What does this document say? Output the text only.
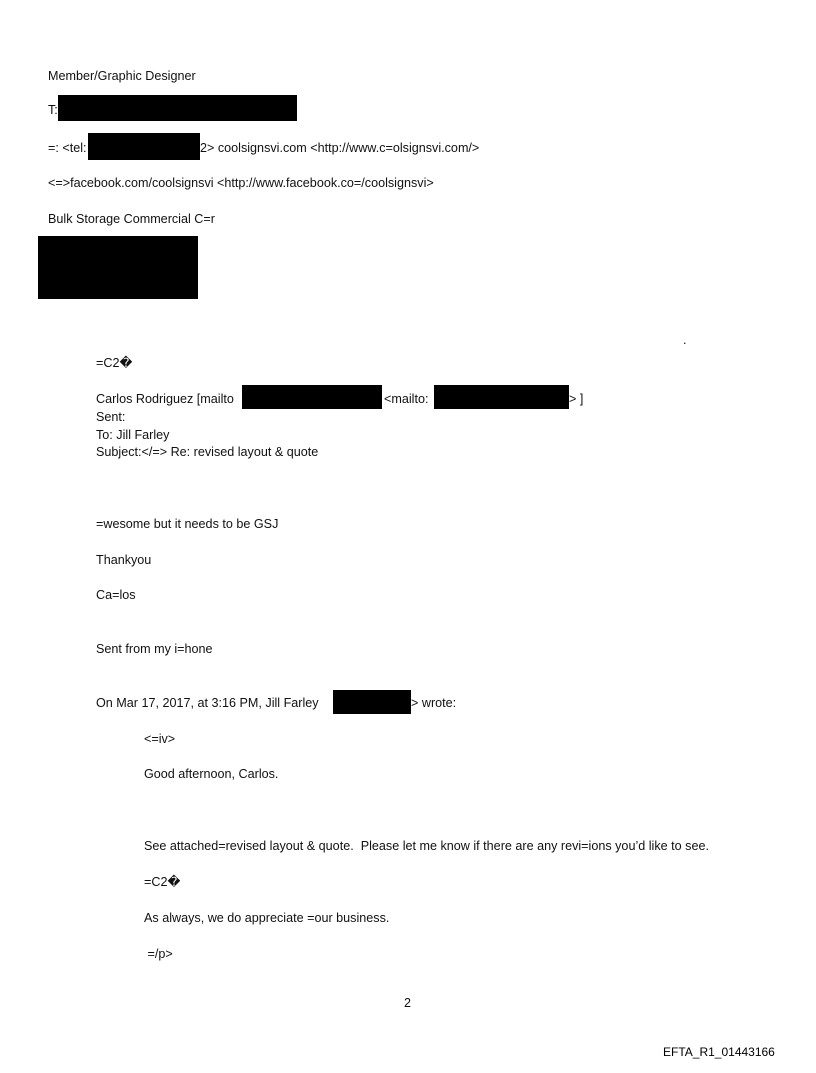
Member/Graphic Designer
T:
=: <tel:	2> coolsignsvi.com <http://www.c=olsignsvi.com/>
<=>facebook.com/coolsignsvi <http://www.facebook.co=/coolsignsvi>
Bulk Storage Commercial C=r
.
=C2�
Carlos Rodriguez [mailto	<mailto:	> ]
Sent:
To: Jill Farley
Subject:</=> Re: revised layout & quote
=wesome but it needs to be GSJ
Thankyou
Ca=los
Sent from my i=hone
On Mar 17, 2017, at 3:16 PM, Jill Farley	> wrote:
<=iv>
Good afternoon, Carlos.
See attached=revised layout & quote.  Please let me know if there are any revi=ions you’d like to see.
=C2�
As always, we do appreciate =our business.
=/p>
2
EFTA_R1_01443166
